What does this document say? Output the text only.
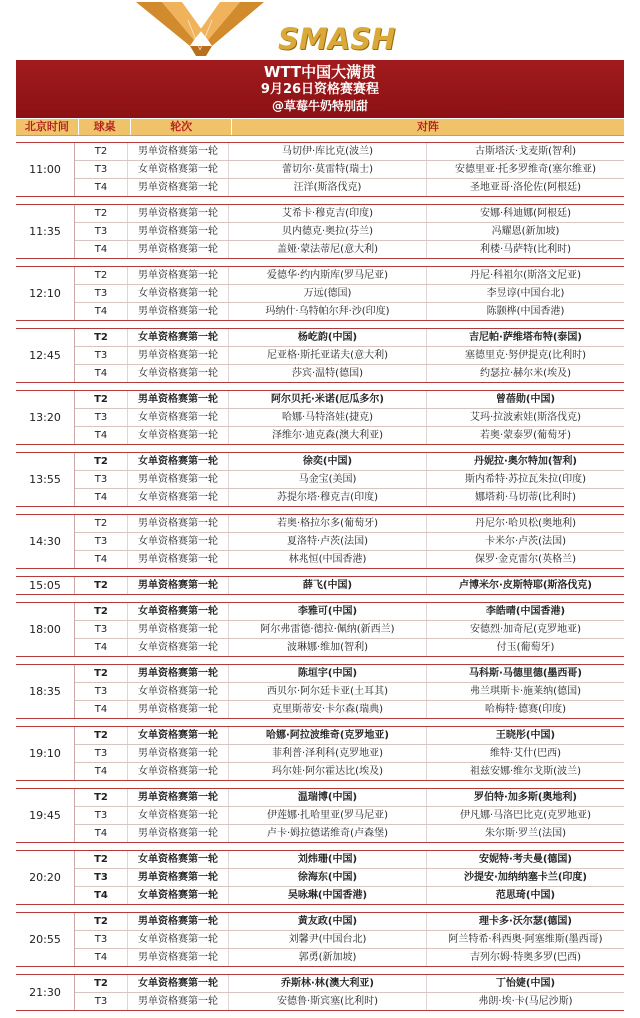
SMASH
WTT中国大满贯
9月26日资格赛赛程
@草莓牛奶特别甜
北京时间	球桌	轮次	对阵
11:00
T2	男单资格赛第一轮	马切伊·库比克(波兰)	古斯塔沃·戈麦斯(智利)
T3	女单资格赛第一轮	蕾切尔·莫雷特(瑞士)	安德里亚·托多罗维奇(塞尔维亚)
T4	男单资格赛第一轮	汪洋(斯洛伐克)	圣地亚哥·洛伦佐(阿根廷)
11:35
T2	男单资格赛第一轮	艾希卡·穆克吉(印度)	安娜·科迪娜(阿根廷)
T3	男单资格赛第一轮	贝内德克·奥拉(芬兰)	冯耀恩(新加坡)
T4	男单资格赛第一轮	盖娅·蒙法蒂尼(意大利)	利楼·马萨特(比利时)
12:10
T2	男单资格赛第一轮	爱德华·约内斯库(罗马尼亚)	丹尼·科祖尔(斯洛文尼亚)
T3	女单资格赛第一轮	万远(德国)	李昱谆(中国台北)
T4	男单资格赛第一轮	玛纳什·乌特帕尔拜·沙(印度)	陈颢桦(中国香港)
12:45
T2	女单资格赛第一轮	杨屹韵(中国)	吉尼帕·萨维塔布特(泰国)
T3	男单资格赛第一轮	尼亚格·斯托亚诺夫(意大利)	塞德里克·努伊提克(比利时)
T4	女单资格赛第一轮	莎宾·温特(德国)	约瑟拉·赫尔米(埃及)
13:20
T2	男单资格赛第一轮	阿尔贝托·米诺(厄瓜多尔)	曾蓓勋(中国)
T3	女单资格赛第一轮	哈娜·马特洛娃(捷克)	艾玛·拉波索娃(斯洛伐克)
T4	女单资格赛第一轮	泽维尔·迪克森(澳大利亚)	若奥·蒙泰罗(葡萄牙)
13:55
T2	女单资格赛第一轮	徐奕(中国)	丹妮拉·奥尔特加(智利)
T3	男单资格赛第一轮	马金宝(美国)	斯内希特·苏拉瓦朱拉(印度)
T4	女单资格赛第一轮	苏提尔塔·穆克吉(印度)	娜塔莉·马切蒂(比利时)
14:30
T2	男单资格赛第一轮	若奥·格拉尔多(葡萄牙)	丹尼尔·哈贝松(奥地利)
T3	女单资格赛第一轮	夏洛特·卢茨(法国)	卡米尔·卢茨(法国)
T4	男单资格赛第一轮	林兆恒(中国香港)	保罗·金克雷尔(英格兰)
15:05	T2	男单资格赛第一轮	薛飞(中国)	卢博米尔·皮斯特耶(斯洛伐克)
18:00
T2	女单资格赛第一轮	李雅可(中国)	李皓晴(中国香港)
T3	男单资格赛第一轮	阿尔弗雷德·德拉·佩纳(新西兰)	安德烈·加奇尼(克罗地亚)
T4	女单资格赛第一轮	波琳娜·维加(智利)	付玉(葡萄牙)
18:35
T2	男单资格赛第一轮	陈垣宇(中国)	马科斯·马德里德(墨西哥)
T3	女单资格赛第一轮	西贝尔·阿尔廷卡亚(土耳其)	弗兰琪斯卡·施莱纳(德国)
T4	男单资格赛第一轮	克里斯蒂安·卡尔森(瑞典)	哈梅特·德赛(印度)
19:10
T2	女单资格赛第一轮	哈娜·阿拉波维奇(克罗地亚)	王晓彤(中国)
T3	男单资格赛第一轮	菲利普·泽利科(克罗地亚)	维特·艾什(巴西)
T4	女单资格赛第一轮	玛尔娃·阿尔霍达比(埃及)	祖兹安娜·维尔戈斯(波兰)
19:45
T2	男单资格赛第一轮	温瑞博(中国)	罗伯特·加多斯(奥地利)
T3	女单资格赛第一轮	伊莲娜·扎哈里亚(罗马尼亚)	伊凡娜·马洛巴比克(克罗地亚)
T4	男单资格赛第一轮	卢卡·姆拉德诺维奇(卢森堡)	朱尔斯·罗兰(法国)
20:20
T2	女单资格赛第一轮	刘炜珊(中国)	安妮特·考夫曼(德国)
T3	男单资格赛第一轮	徐海东(中国)	沙提安·加纳纳塞卡兰(印度)
T4	女单资格赛第一轮	吴咏琳(中国香港)	范思琦(中国)
20:55
T2	男单资格赛第一轮	黄友政(中国)	理卡多·沃尔瑟(德国)
T3	女单资格赛第一轮	刘馨尹(中国台北)	阿兰特希·科西奥·阿塞维斯(墨西哥)
T4	男单资格赛第一轮	郭勇(新加坡)	吉列尔姆·特奥多罗(巴西)
21:30
T2	女单资格赛第一轮	乔斯林·林(澳大利亚)	丁怡婕(中国)
T3	男单资格赛第一轮	安德鲁·斯宾塞(比利时)	弗朗·埃·卡(马尼沙斯)
